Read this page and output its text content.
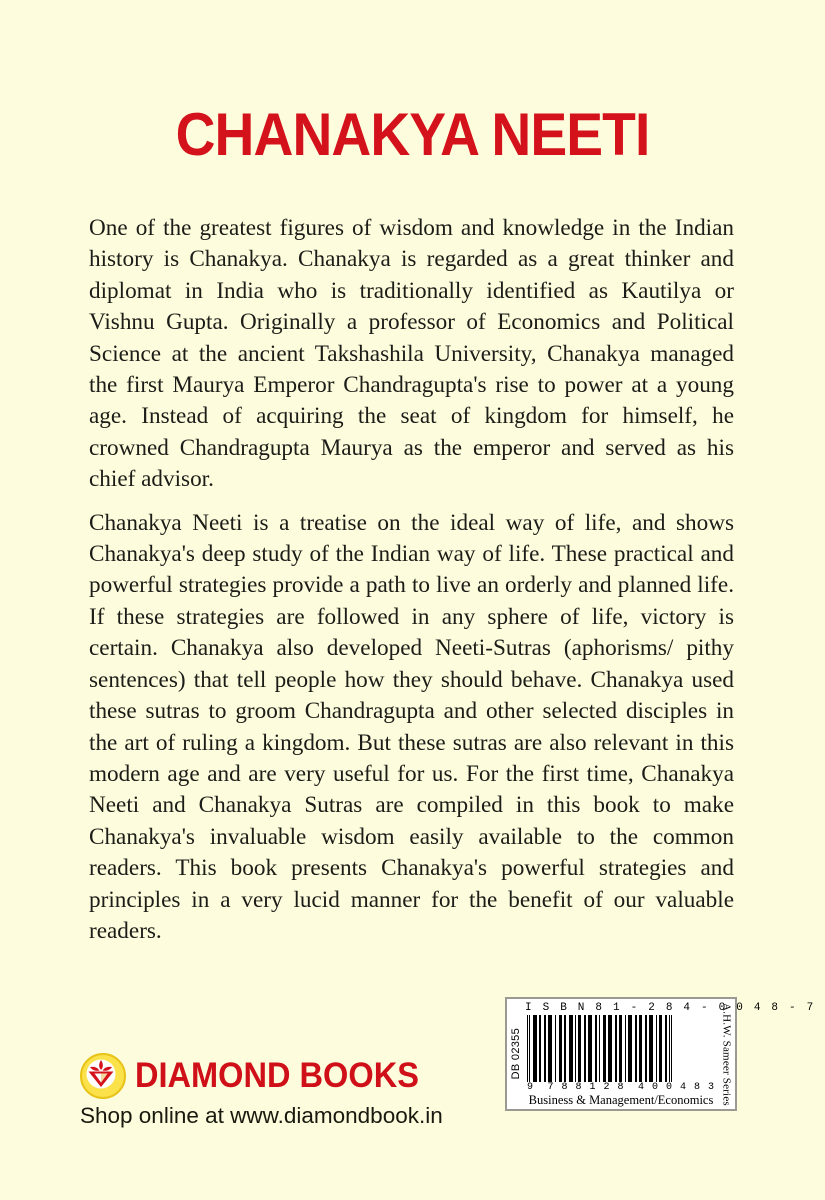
CHANAKYA NEETI

One of the greatest figures of wisdom and knowledge in the Indian history is Chanakya. Chanakya is regarded as a great thinker and diplomat in India who is traditionally identified as Kautilya or Vishnu Gupta. Originally a professor of Economics and Political Science at the ancient Takshashila University, Chanakya managed the first Maurya Emperor Chandragupta's rise to power at a young age. Instead of acquiring the seat of kingdom for himself, he crowned Chandragupta Maurya as the emperor and served as his chief advisor.

Chanakya Neeti is a treatise on the ideal way of life, and shows Chanakya's deep study of the Indian way of life. These practical and powerful strategies provide a path to live an orderly and planned life. If these strategies are followed in any sphere of life, victory is certain. Chanakya also developed Neeti-Sutras (aphorisms/ pithy sentences) that tell people how they should behave. Chanakya used these sutras to groom Chandragupta and other selected disciples in the art of ruling a kingdom. But these sutras are also relevant in this modern age and are very useful for us. For the first time, Chanakya Neeti and Chanakya Sutras are compiled in this book to make Chanakya's invaluable wisdom easily available to the common readers. This book presents Chanakya's powerful strategies and principles in a very lucid manner for the benefit of our valuable readers.

DIAMOND BOOKS
Shop online at www.diamondbook.in
DB 02355
I S B N 8 1 - 2 8 4 - 0 0 4 8 - 7
9 7 8 8 1 2 8 4 0 0 4 8 3
Business & Management/Economics A.H.W. Sameer Series
